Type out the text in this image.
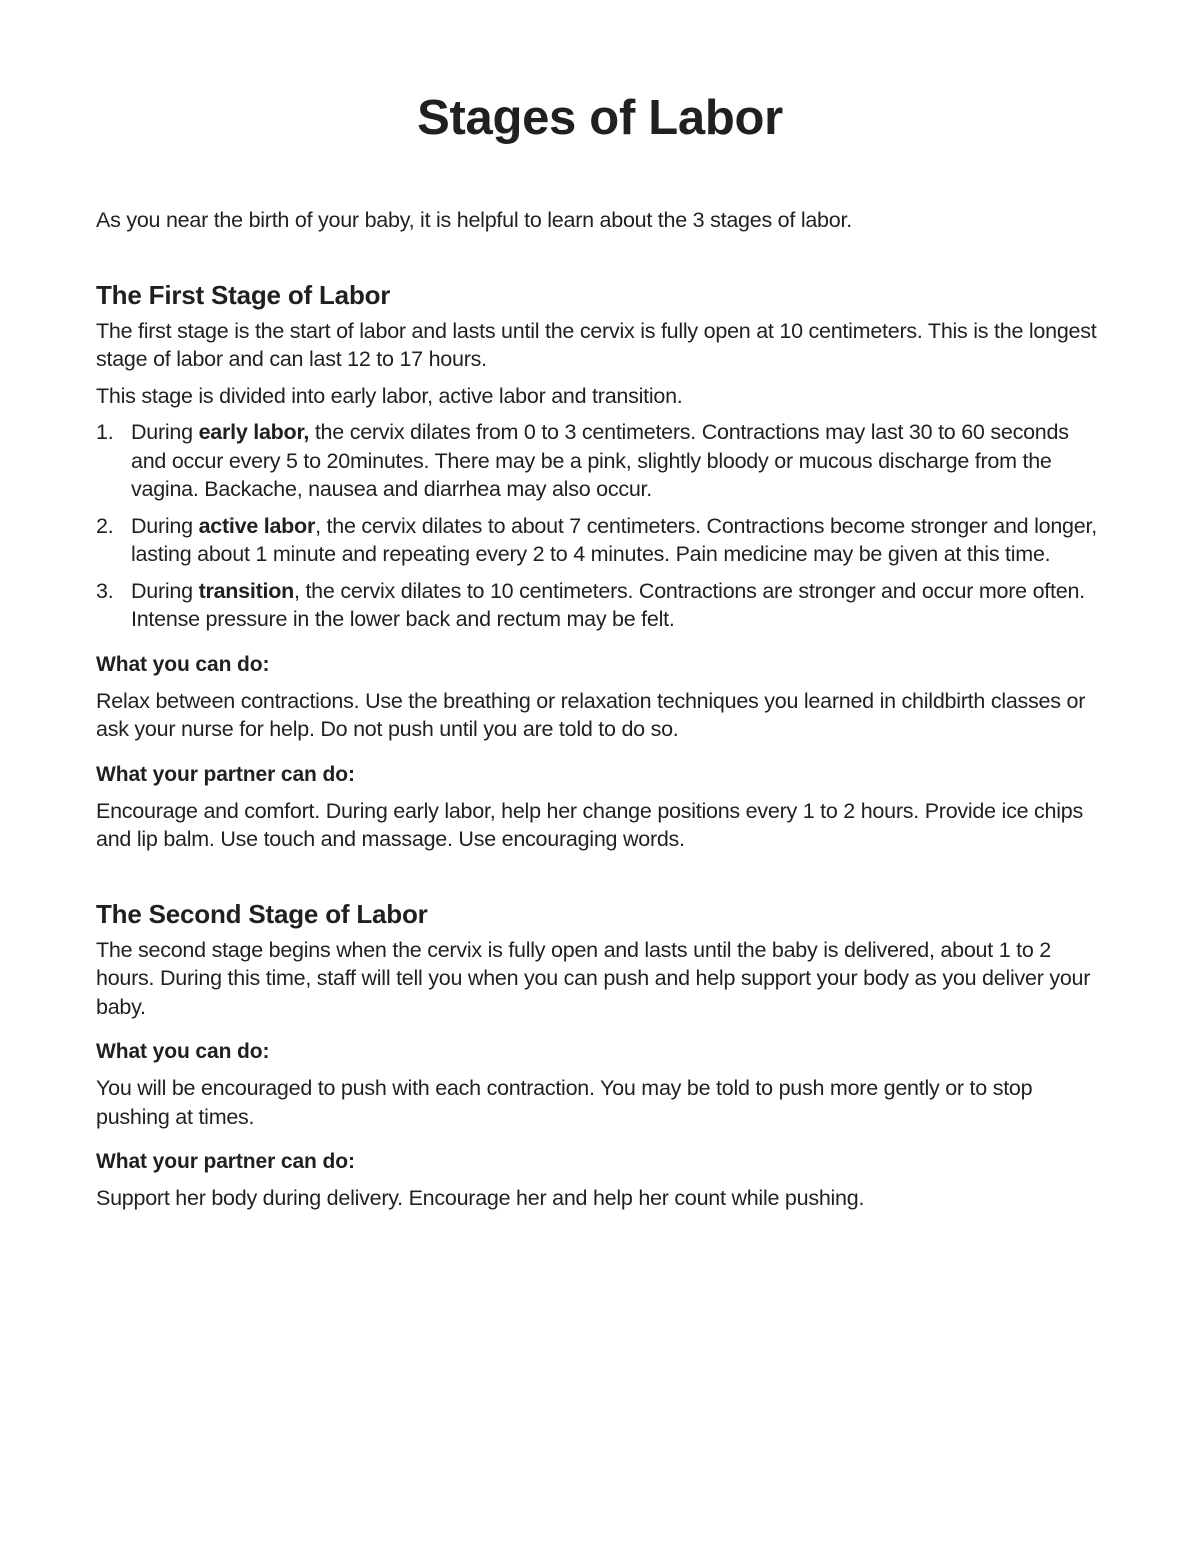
Stages of Labor

As you near the birth of your baby, it is helpful to learn about the 3 stages of labor.

The First Stage of Labor

The first stage is the start of labor and lasts until the cervix is fully open at 10 centimeters. This is the longest stage of labor and can last 12 to 17 hours.

This stage is divided into early labor, active labor and transition.

1. During early labor, the cervix dilates from 0 to 3 centimeters. Contractions may last 30 to 60 seconds and occur every 5 to 20minutes. There may be a pink, slightly bloody or mucous discharge from the vagina. Backache, nausea and diarrhea may also occur.
2. During active labor, the cervix dilates to about 7 centimeters. Contractions become stronger and longer, lasting about 1 minute and repeating every 2 to 4 minutes. Pain medicine may be given at this time.
3. During transition, the cervix dilates to 10 centimeters. Contractions are stronger and occur more often. Intense pressure in the lower back and rectum may be felt.
What you can do:

Relax between contractions. Use the breathing or relaxation techniques you learned in childbirth classes or ask your nurse for help. Do not push until you are told to do so.

What your partner can do:

Encourage and comfort. During early labor, help her change positions every 1 to 2 hours. Provide ice chips and lip balm. Use touch and massage. Use encouraging words.

The Second Stage of Labor

The second stage begins when the cervix is fully open and lasts until the baby is delivered, about 1 to 2 hours. During this time, staff will tell you when you can push and help support your body as you deliver your baby.

What you can do:

You will be encouraged to push with each contraction. You may be told to push more gently or to stop pushing at times.

What your partner can do:

Support her body during delivery. Encourage her and help her count while pushing.
